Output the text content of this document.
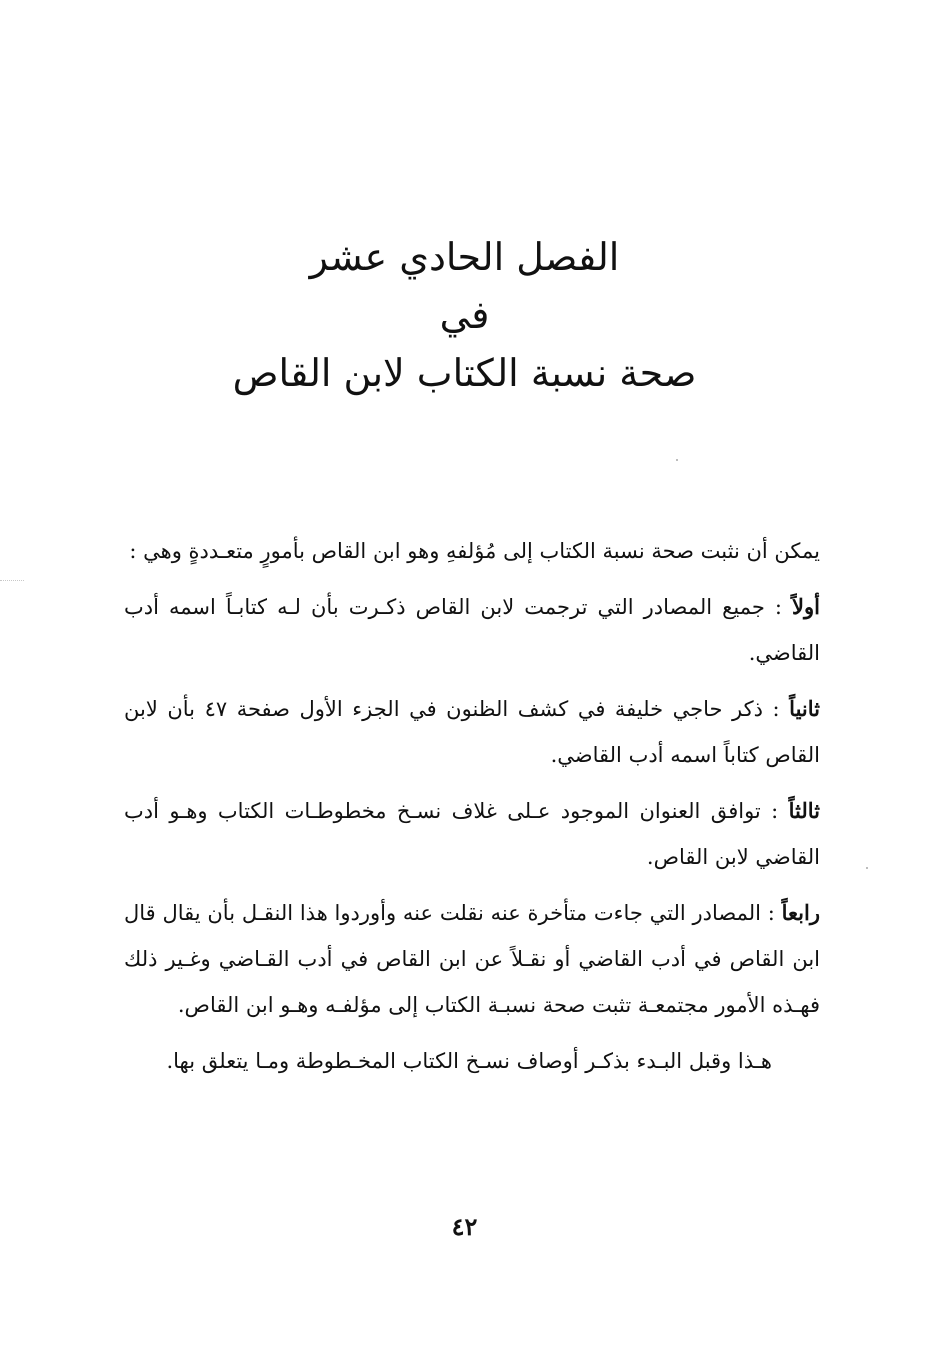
الفصل الحادي عشر

في

صحة نسبة الكتاب لابن القاص

يمكن أن نثبت صحة نسبة الكتاب إلى مُؤلفهِ وهو ابن القاص بأمورٍ متعـددةٍ وهي :

أولاً : جميع المصادر التي ترجمت لابن القاص ذكـرت بأن لـه كتابـاً اسمه أدب القاضي.

ثانياً : ذكر حاجي خليفة في كشف الظنون في الجزء الأول صفحة ٤٧ بأن لابن القاص كتاباً اسمه أدب القاضي.

ثالثاً : توافق العنوان الموجود عـلى غلاف نسـخ مخطوطـات الكتاب وهـو أدب القاضي لابن القاص.

رابعاً : المصادر التي جاءت متأخرة عنه نقلت عنه وأوردوا هذا النقـل بأن يقال قال ابن القاص في أدب القاضي أو نقـلاً عن ابن القاص في أدب القـاضي وغـير ذلك فهـذه الأمور مجتمعـة تثبت صحة نسبـة الكتاب إلى مؤلفـه وهـو ابن القاص.

هـذا وقبل البـدء بذكـر أوصاف نسـخ الكتاب المخـطوطة ومـا يتعلق بها.

٤٢
